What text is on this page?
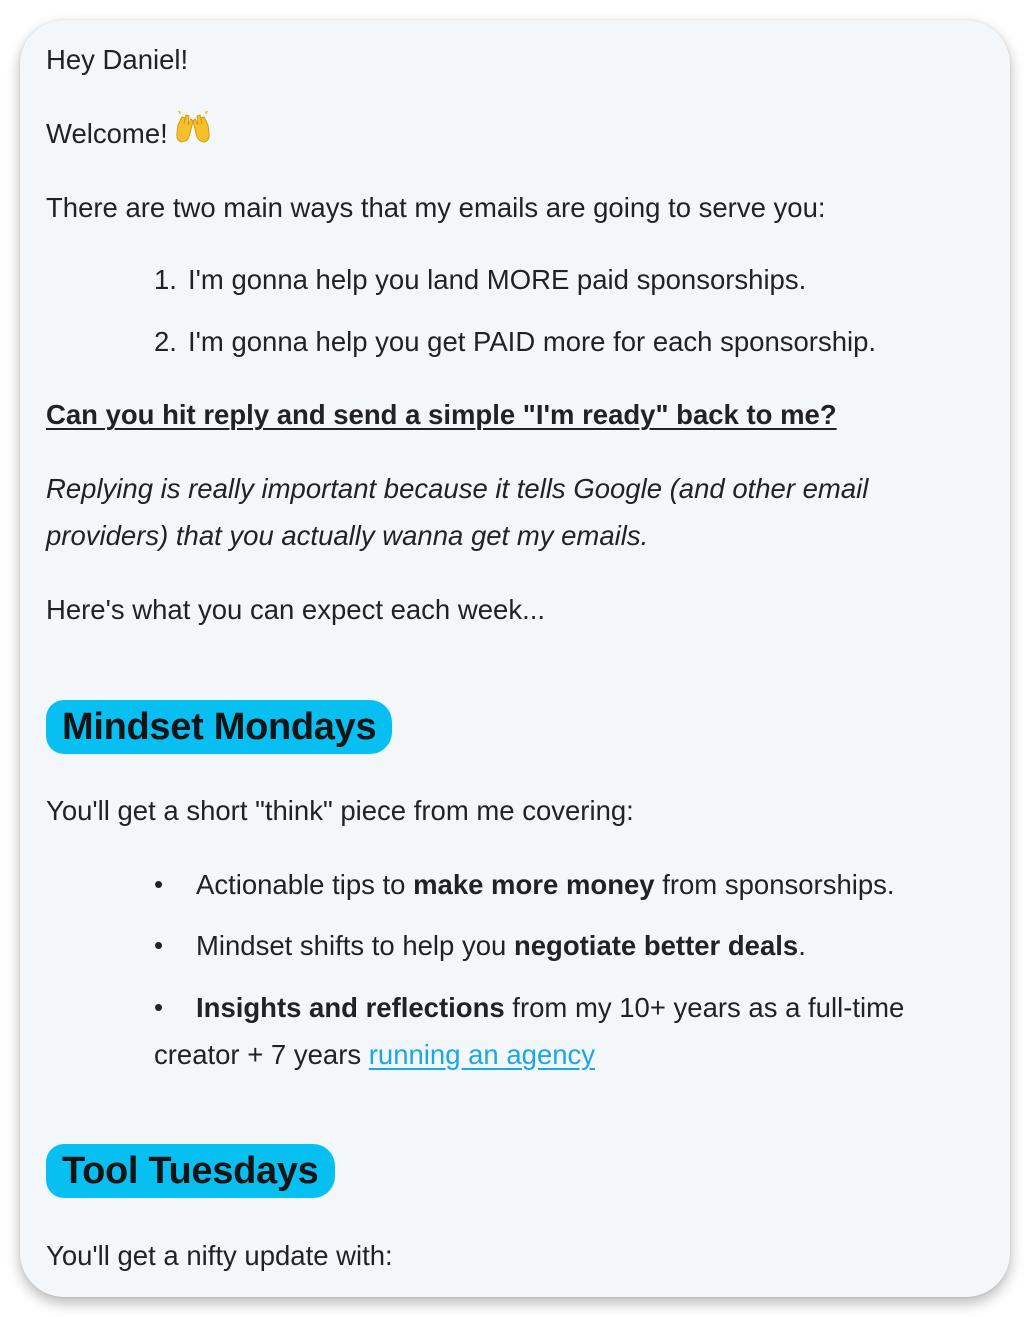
Hey Daniel!

Welcome!

There are two main ways that my emails are going to serve you:

1. I'm gonna help you land MORE paid sponsorships.

2. I'm gonna help you get PAID more for each sponsorship.

Can you hit reply and send a simple "I'm ready" back to me?

Replying is really important because it tells Google (and other email

providers) that you actually wanna get my emails.

Here's what you can expect each week...

Mindset Mondays

You'll get a short "think" piece from me covering:

• Actionable tips to make more money from sponsorships.

• Mindset shifts to help you negotiate better deals.

• Insights and reflections from my 10+ years as a full-time

creator + 7 years running an agency

Tool Tuesdays

You'll get a nifty update with:
